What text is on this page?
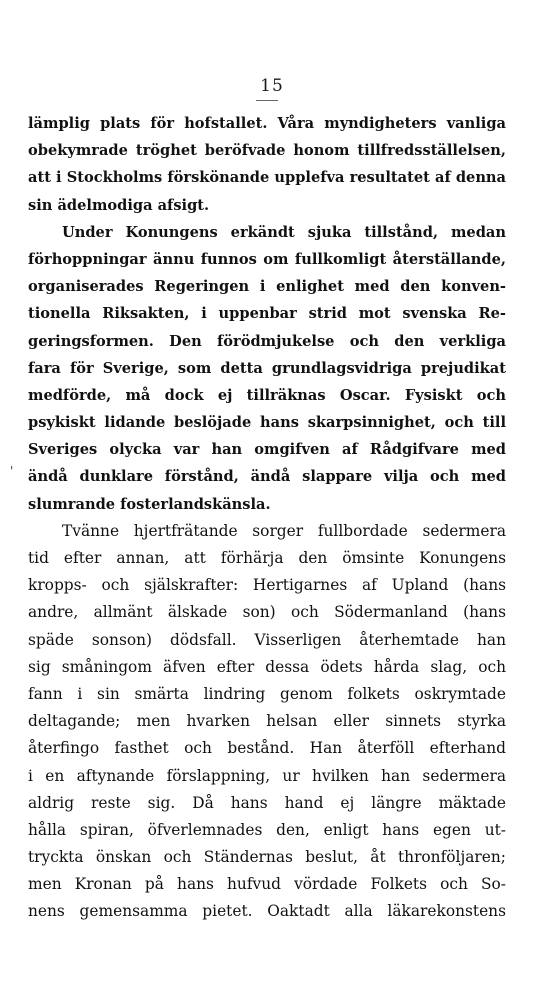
15
'
lämplig plats för hofstallet. Våra myndigheters vanliga
obekymrade tröghet beröfvade honom tillfredsställelsen,
att i Stockholms förskönande upplefva resultatet af denna
sin ädelmodiga afsigt.
Under Konungens erkändt sjuka tillstånd, medan
förhoppningar ännu funnos om fullkomligt återställande,
organiserades Regeringen i enlighet med den konven-
tionella Riksakten, i uppenbar strid mot svenska Re-
geringsformen. Den förödmjukelse och den verkliga
fara för Sverige, som detta grundlagsvidriga prejudikat
medförde, må dock ej tillräknas Oscar. Fysiskt och
psykiskt lidande beslöjade hans skarpsinnighet, och till
Sveriges olycka var han omgifven af Rådgifvare med
ändå dunklare förstånd, ändå slappare vilja och med
slumrande fosterlandskänsla.
Tvänne hjertfrätande sorger fullbordade sedermera
tid efter annan, att förhärja den ömsinte Konungens
kropps- och själskrafter: Hertigarnes af Upland (hans
andre, allmänt älskade son) och Södermanland (hans
späde sonson) dödsfall. Visserligen återhemtade han
sig småningom äfven efter dessa ödets hårda slag, och
fann i sin smärta lindring genom folkets oskrymtade
deltagande; men hvarken helsan eller sinnets styrka
återfingo fasthet och bestånd. Han återföll efterhand
i en aftynande förslappning, ur hvilken han sedermera
aldrig reste sig. Då hans hand ej längre mäktade
hålla spiran, öfverlemnades den, enligt hans egen ut-
tryckta önskan och Ständernas beslut, åt thronföljaren;
men Kronan på hans hufvud vördade Folkets och So-
nens gemensamma pietet. Oaktadt alla läkarekonstens
